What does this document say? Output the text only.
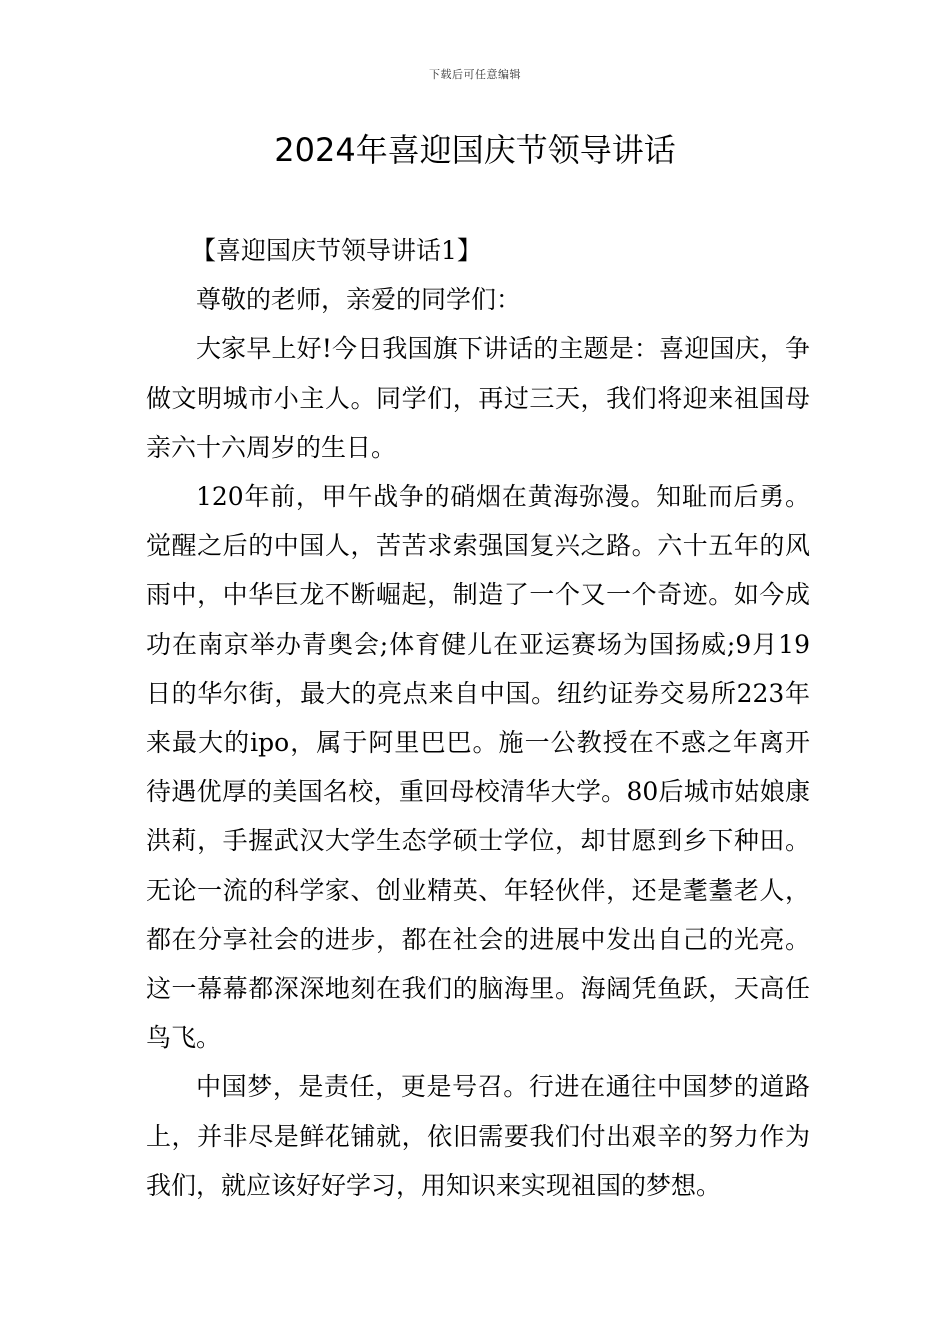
下载后可任意编辑
2024年喜迎国庆节领导讲话

【喜迎国庆节领导讲话1】

尊敬的老师，亲爱的同学们：

大家早上好!今日我国旗下讲话的主题是：喜迎国庆，争做文明城市小主人。同学们，再过三天，我们将迎来祖国母亲六十六周岁的生日。

120年前，甲午战争的硝烟在黄海弥漫。知耻而后勇。觉醒之后的中国人，苦苦求索强国复兴之路。六十五年的风雨中，中华巨龙不断崛起，制造了一个又一个奇迹。如今成功在南京举办青奥会;体育健儿在亚运赛场为国扬威;9月19日的华尔街，最大的亮点来自中国。纽约证券交易所223年来最大的ipo，属于阿里巴巴。施一公教授在不惑之年离开待遇优厚的美国名校，重回母校清华大学。80后城市姑娘康洪莉，手握武汉大学生态学硕士学位，却甘愿到乡下种田。无论一流的科学家、创业精英、年轻伙伴，还是耄耋老人，都在分享社会的进步，都在社会的进展中发出自己的光亮。这一幕幕都深深地刻在我们的脑海里。海阔凭鱼跃，天高任鸟飞。

中国梦，是责任，更是号召。行进在通往中国梦的道路上，并非尽是鲜花铺就，依旧需要我们付出艰辛的努力作为我们，就应该好好学习，用知识来实现祖国的梦想。
